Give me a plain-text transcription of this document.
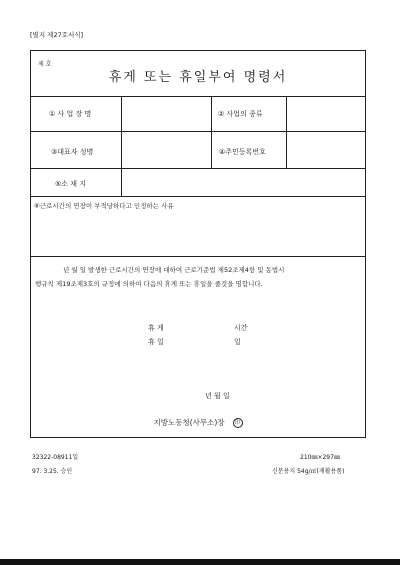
[별지 제27호서식]
제 호
휴게 또는 휴일부여 명령서
① 사 업 장 명	② 사업의 종류
③대표자 성명	④주민등록번호
⑤소 재 지
⑥근로시간의 연장이 부적당하다고 인정하는 사유
년 월 일 발생한 근로시간의 연장에 대하여 근로기준법 제52조제4항 및 동법시
행규칙 제19조제3호의 규정에 의하여 다음의 휴게 또는 휴일을 줄것을 명합니다.
휴 게	시간
휴 일	일
년 월 일
지방노동청(사무소)장 印
32322-08911일	210㎜×297㎜
97. 3.25. 승인	신문용지 54g/㎡(재활용품)
